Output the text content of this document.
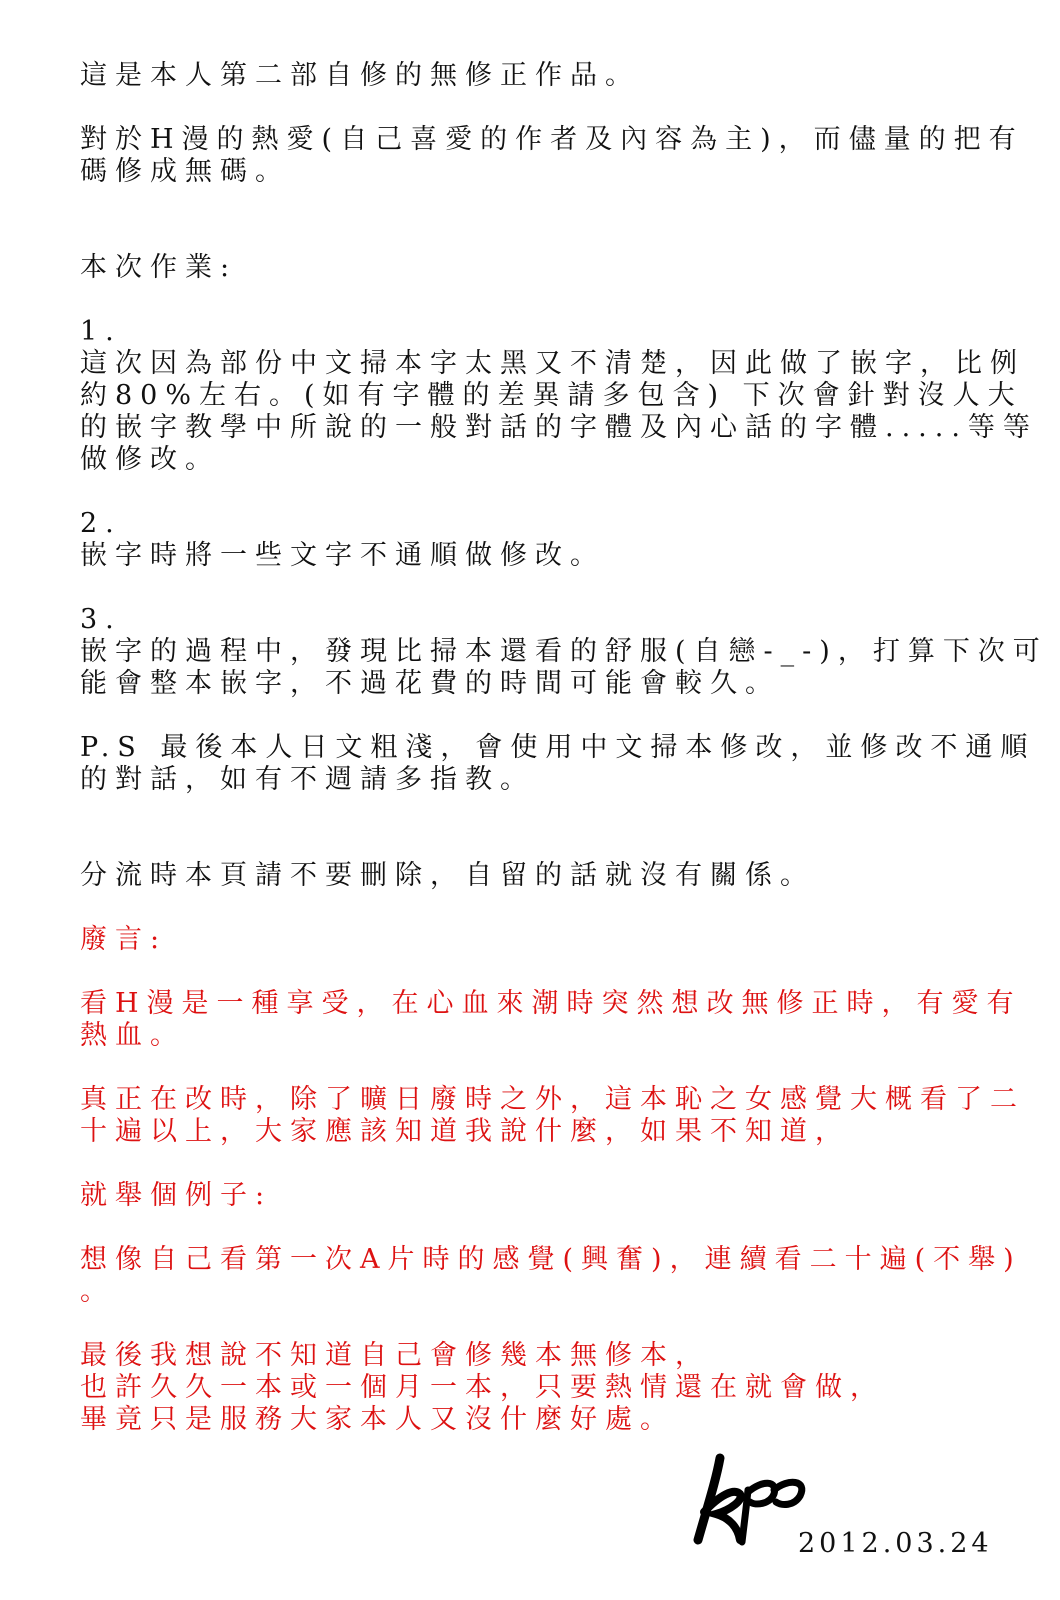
這是本人第二部自修的無修正作品。
對於H漫的熱愛(自己喜愛的作者及內容為主)，而儘量的把有
碼修成無碼。
本次作業:
1.
這次因為部份中文掃本字太黑又不清楚，因此做了嵌字，比例
約80%左右。(如有字體的差異請多包含) 下次會針對沒人大
的嵌字教學中所說的一般對話的字體及內心話的字體.....等等
做修改。
2.
嵌字時將一些文字不通順做修改。
3.
嵌字的過程中，發現比掃本還看的舒服(自戀-_-)，打算下次可
能會整本嵌字，不過花費的時間可能會較久。
P.S 最後本人日文粗淺，會使用中文掃本修改，並修改不通順
的對話，如有不週請多指教。
分流時本頁請不要刪除，自留的話就沒有關係。
廢言:
看H漫是一種享受，在心血來潮時突然想改無修正時，有愛有
熱血。
真正在改時，除了曠日廢時之外，這本恥之女感覺大概看了二
十遍以上，大家應該知道我說什麼，如果不知道，
就舉個例子:
想像自己看第一次A片時的感覺(興奮)，連續看二十遍(不舉)
。
最後我想說不知道自己會修幾本無修本，
也許久久一本或一個月一本，只要熱情還在就會做，
畢竟只是服務大家本人又沒什麼好處。
2012.03.24
